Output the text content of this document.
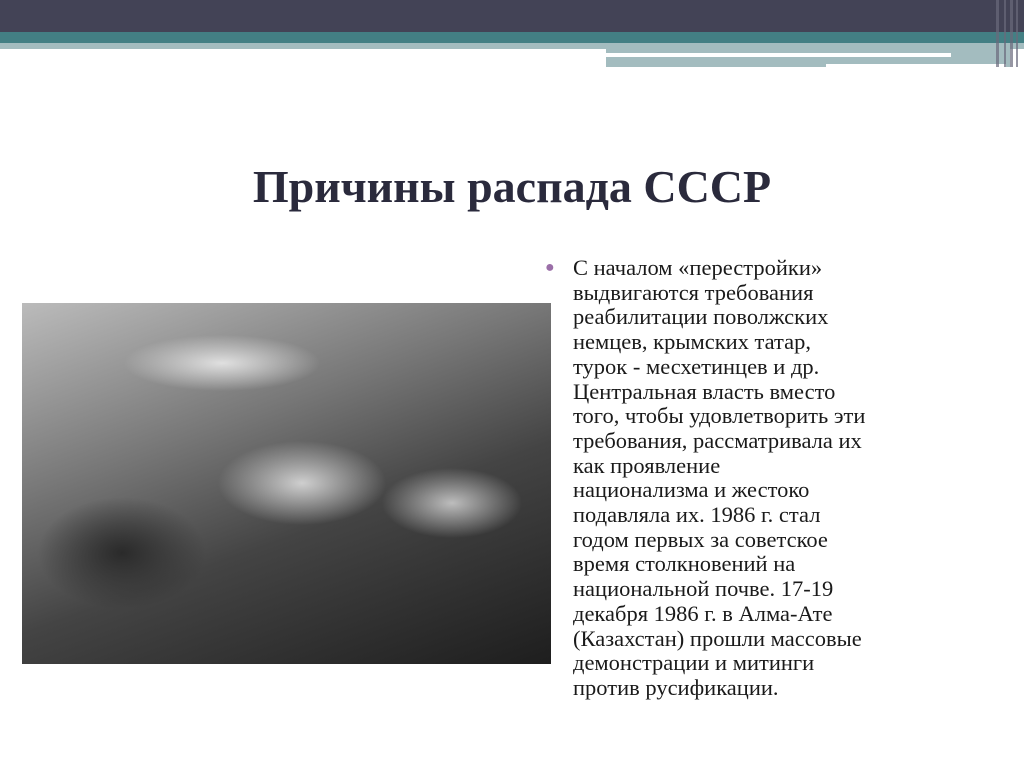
Причины распада СССР
● С началом «перестройки»
выдвигаются требования
реабилитации поволжских
немцев, крымских татар,
турок - месхетинцев и др.
Центральная власть вместо
того, чтобы удовлетворить эти
требования, рассматривала их
как проявление
национализма и жестоко
подавляла их. 1986 г. стал
годом первых за советское
время столкновений на
национальной почве. 17-19
декабря 1986 г. в Алма-Ате
(Казахстан) прошли массовые
демонстрации и митинги
против русификации.
